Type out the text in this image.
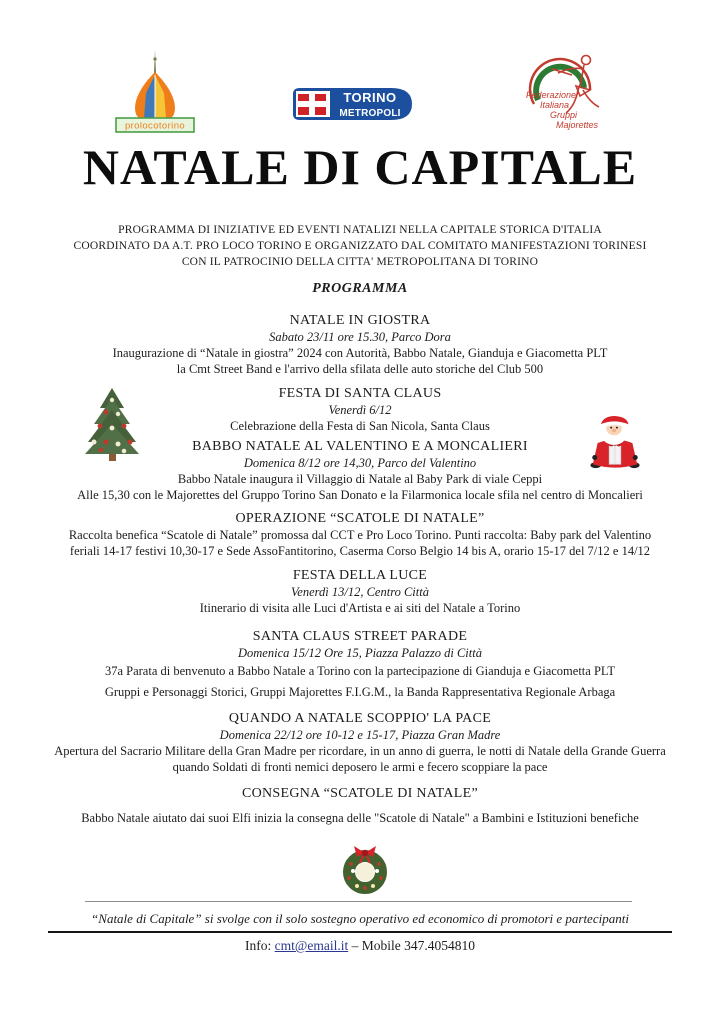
prolocotorino
TORINO
METROPOLI
Federazione
Italiana
Gruppi
Majorettes
NATALE DI CAPITALE
PROGRAMMA DI INIZIATIVE ED EVENTI NATALIZI NELLA CAPITALE STORICA D'ITALIA
COORDINATO DA A.T. PRO LOCO TORINO E ORGANIZZATO DAL COMITATO MANIFESTAZIONI TORINESI
CON IL PATROCINIO DELLA CITTA' METROPOLITANA DI TORINO
PROGRAMMA
NATALE IN GIOSTRA
Sabato 23/11 ore 15.30, Parco Dora
Inaugurazione di “Natale in giostra” 2024 con Autorità, Babbo Natale, Gianduja e Giacometta PLT
la Cmt Street Band e l'arrivo della sfilata delle auto storiche del Club 500
FESTA DI SANTA CLAUS
Venerdì 6/12
Celebrazione della Festa di San Nicola, Santa Claus
BABBO NATALE AL VALENTINO E A MONCALIERI
Domenica 8/12 ore 14,30, Parco del Valentino
Babbo Natale inaugura il Villaggio di Natale al Baby Park di viale Ceppi
Alle 15,30 con le Majorettes del Gruppo Torino San Donato e la Filarmonica locale sfila nel centro di Moncalieri
OPERAZIONE “SCATOLE DI NATALE”
Raccolta benefica “Scatole di Natale” promossa dal CCT e Pro Loco Torino. Punti raccolta: Baby park del Valentino
feriali 14-17 festivi 10,30-17 e Sede AssoFantitorino, Caserma Corso Belgio 14 bis A, orario 15-17 del 7/12 e 14/12
FESTA DELLA LUCE
Venerdì 13/12, Centro Città
Itinerario di visita alle Luci d'Artista e ai siti del Natale a Torino
SANTA CLAUS STREET PARADE
Domenica 15/12 Ore 15, Piazza Palazzo di Città
37a Parata di benvenuto a Babbo Natale a Torino con la partecipazione di Gianduja e Giacometta PLT
Gruppi e Personaggi Storici, Gruppi Majorettes F.I.G.M., la Banda Rappresentativa Regionale Arbaga
QUANDO A NATALE SCOPPIO' LA PACE
Domenica 22/12 ore 10-12 e 15-17, Piazza Gran Madre
Apertura del Sacrario Militare della Gran Madre per ricordare, in un anno di guerra, le notti di Natale della Grande Guerra
quando Soldati di fronti nemici deposero le armi e fecero scoppiare la pace
CONSEGNA “SCATOLE DI NATALE”
Babbo Natale aiutato dai suoi Elfi inizia la consegna delle "Scatole di Natale" a Bambini e Istituzioni benefiche
“Natale di Capitale” si svolge con il solo sostegno operativo ed economico di promotori e partecipanti
Info: cmt@email.it – Mobile 347.4054810
